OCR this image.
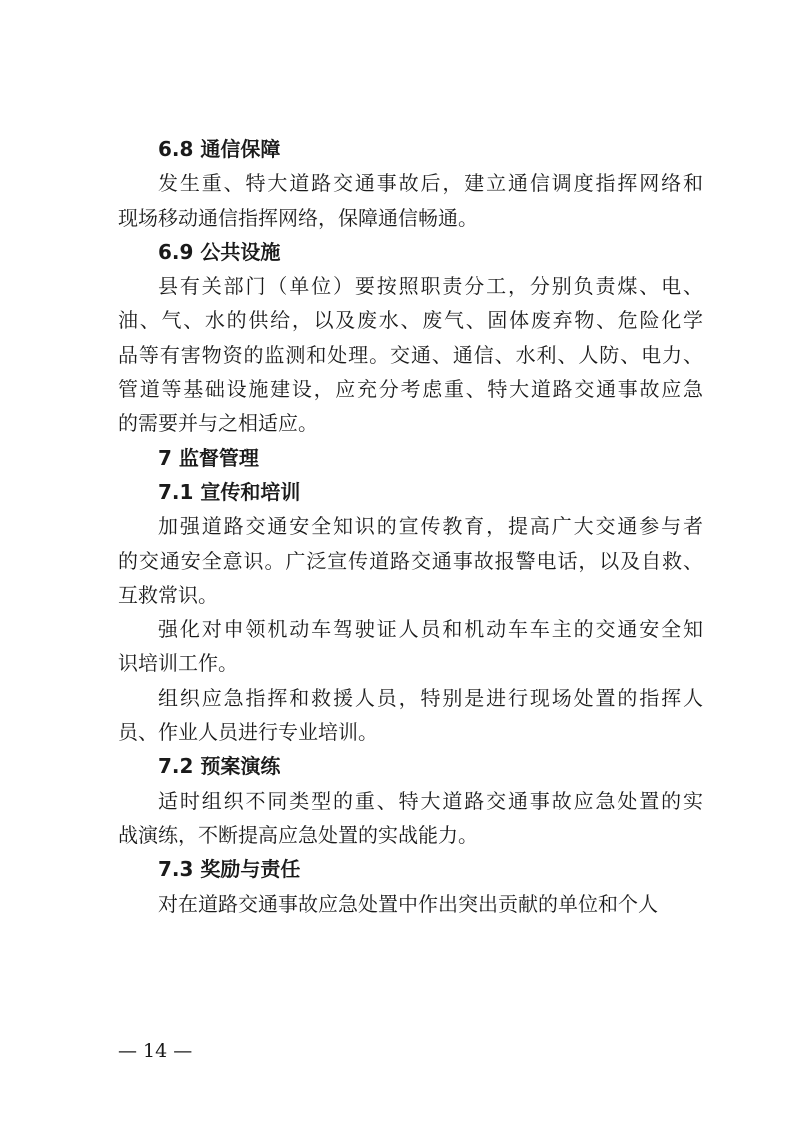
6.8 通信保障
发生重、特大道路交通事故后，建立通信调度指挥网络和
现场移动通信指挥网络，保障通信畅通。
6.9 公共设施
县有关部门（单位）要按照职责分工，分别负责煤、电、
油、气、水的供给，以及废水、废气、固体废弃物、危险化学
品等有害物资的监测和处理。交通、通信、水利、人防、电力、
管道等基础设施建设，应充分考虑重、特大道路交通事故应急
的需要并与之相适应。
7 监督管理
7.1 宣传和培训
加强道路交通安全知识的宣传教育，提高广大交通参与者
的交通安全意识。广泛宣传道路交通事故报警电话，以及自救、
互救常识。
强化对申领机动车驾驶证人员和机动车车主的交通安全知
识培训工作。
组织应急指挥和救援人员，特别是进行现场处置的指挥人
员、作业人员进行专业培训。
7.2 预案演练
适时组织不同类型的重、特大道路交通事故应急处置的实
战演练，不断提高应急处置的实战能力。
7.3 奖励与责任
对在道路交通事故应急处置中作出突出贡献的单位和个人
— 14 —
